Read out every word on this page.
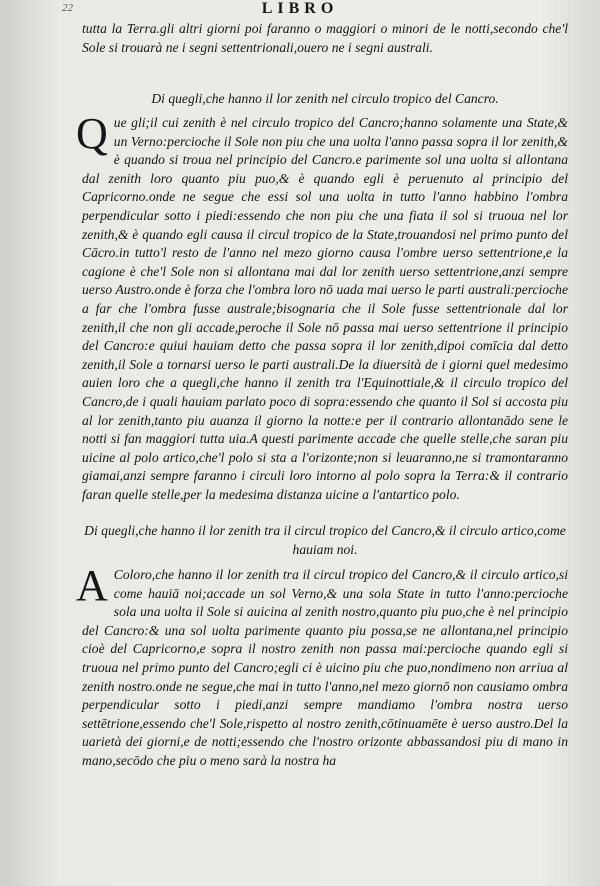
22	LIBRO
tutta la Terra.gli altri giorni poi faranno o maggiori o minori de le notti,secondo che'l Sole si trouarà ne i segni settentrionali,ouero ne i segni australi.
Di quegli,che hanno il lor zenith nel circulo tropico del Cancro.
Que gli;il cui zenith è nel circulo tropico del Cancro;hanno solamente una State,& un Verno:percioche il Sole non piu che una uolta l'anno passa sopra il lor zenith,& è quando si troua nel principio del Cancro.e parimente sol una uolta si allontana dal zenith loro quanto piu puo,& è quando egli è peruenuto al principio del Capricorno.onde ne segue che essi sol una uolta in tutto l'anno habbino l'ombra perpendicular sotto i piedi:essendo che non piu che una fiata il sol si truoua nel lor zenith,& è quando egli causa il circul tropico de la State,trouandosi nel primo punto del Cācro.in tutto'l resto de l'anno nel mezo giorno causa l'ombre uerso settentrione,e la cagione è che'l Sole non si allontana mai dal lor zenith uerso settentrione,anzi sempre uerso Austro.onde è forza che l'ombra loro nō uada mai uerso le parti australi:percioche a far che l'ombra fusse australe;bisognaria che il Sole fusse settentrionale dal lor zenith,il che non gli accade,peroche il Sole nō passa mai uerso settentrione il principio del Cancro:e quiui hauiam detto che passa sopra il lor zenith,dipoi comīcia dal detto zenith,il Sole a tornarsi uerso le parti australi.De la diuersità de i giorni quel medesimo auien loro che a quegli,che hanno il zenith tra l'Equinottiale,& il circulo tropico del Cancro,de i quali hauiam parlato poco di sopra:essendo che quanto il Sol si accosta piu al lor zenith,tanto piu auanza il giorno la notte:e per il contrario allontanādo sene le notti si fan maggiori tutta uia.A questi parimente accade che quelle stelle,che saran piu uicine al polo artico,che'l polo si sta a l'orizonte;non si leuaranno,ne si tramontaranno giamai,anzi sempre faranno i circuli loro intorno al polo sopra la Terra:& il contrario faran quelle stelle,per la medesima distanza uicine a l'antartico polo.
Di quegli,che hanno il lor zenith tra il circul tropico del Cancro,& il circulo artico,come hauiam noi.
A Coloro,che hanno il lor zenith tra il circul tropico del Cancro,& il circulo artico,si come hauiā noi;accade un sol Verno,& una sola State in tutto l'anno:percioche sola una uolta il Sole si auicina al zenith nostro,quanto piu puo,che è nel principio del Cancro:& una sol uolta parimente quanto piu possa,se ne allontana,nel principio cioè del Capricorno,e sopra il nostro zenith non passa mai:percioche quando egli si truoua nel primo punto del Cancro;egli ci è uicino piu che puo,nondimeno non arriua al zenith nostro.onde ne segue,che mai in tutto l'anno,nel mezo giornō non causiamo ombra perpendicular sotto i piedi,anzi sempre mandiamo l'ombra nostra uerso settētrione,essendo che'l Sole,rispetto al nostro zenith,cōtinuamēte è uerso austro.Del la uarietà dei giorni,e de notti;essendo che l'nostro orizonte abbassandosi piu di mano in mano,secōdo che piu o meno sarà la nostra ha
